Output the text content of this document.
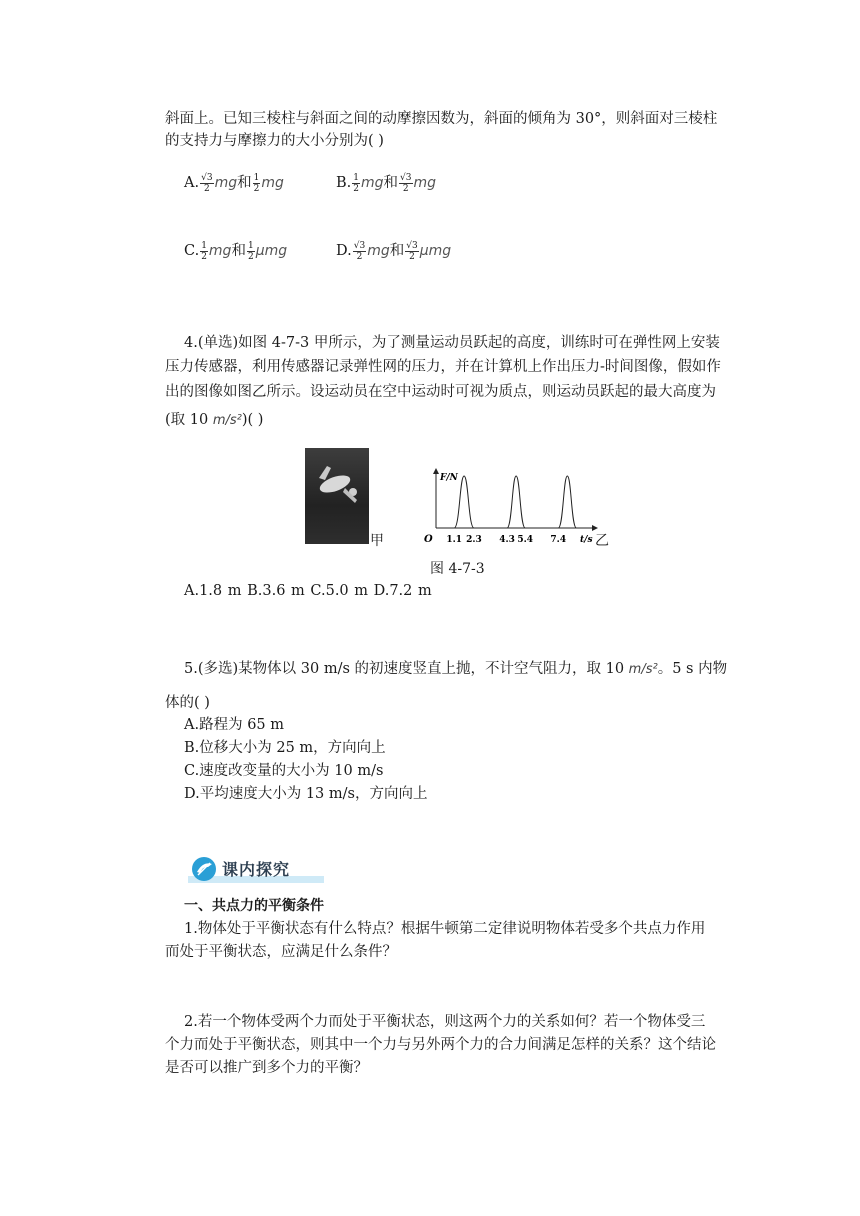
斜面上。已知三棱柱与斜面之间的动摩擦因数为，斜面的倾角为 30°，则斜面对三棱柱
的支持力与摩擦力的大小分别为( )
A. $\frac{√3}{2}$ mg和 $\frac{1}{2}$ mg	B. $\frac{1}{2}$ mg和 $\frac{√3}{2}$ mg
C. $\frac{1}{2}$ mg和 $\frac{1}{2}$ μmg	D. $\frac{√3}{2}$ mg和 $\frac{√3}{2}$ μmg
4.(单选)如图 4-7-3 甲所示，为了测量运动员跃起的高度，训练时可在弹性网上安装
压力传感器，利用传感器记录弹性网的压力，并在计算机上作出压力-时间图像，假如作
出的图像如图乙所示。设运动员在空中运动时可视为质点，则运动员跃起的最大高度为
(取 10 m/s²)( )
甲	1.1 2.3 4.3 5.4 7.4
F/N
O	t/s 乙
图 4-7-3
A.1.8 m B.3.6 m C.5.0 m D.7.2 m
5.(多选)某物体以 30 m/s 的初速度竖直上抛，不计空气阻力，取 10 m/s²。5 s 内物
体的( )
A.路程为 65 m
B.位移大小为 25 m，方向向上
C.速度改变量的大小为 10 m/s
D.平均速度大小为 13 m/s，方向向上
课内探究
一、共点力的平衡条件
1.物体处于平衡状态有什么特点？根据牛顿第二定律说明物体若受多个共点力作用
而处于平衡状态，应满足什么条件？
2.若一个物体受两个力而处于平衡状态，则这两个力的关系如何？若一个物体受三
个力而处于平衡状态，则其中一个力与另外两个力的合力间满足怎样的关系？这个结论
是否可以推广到多个力的平衡？
